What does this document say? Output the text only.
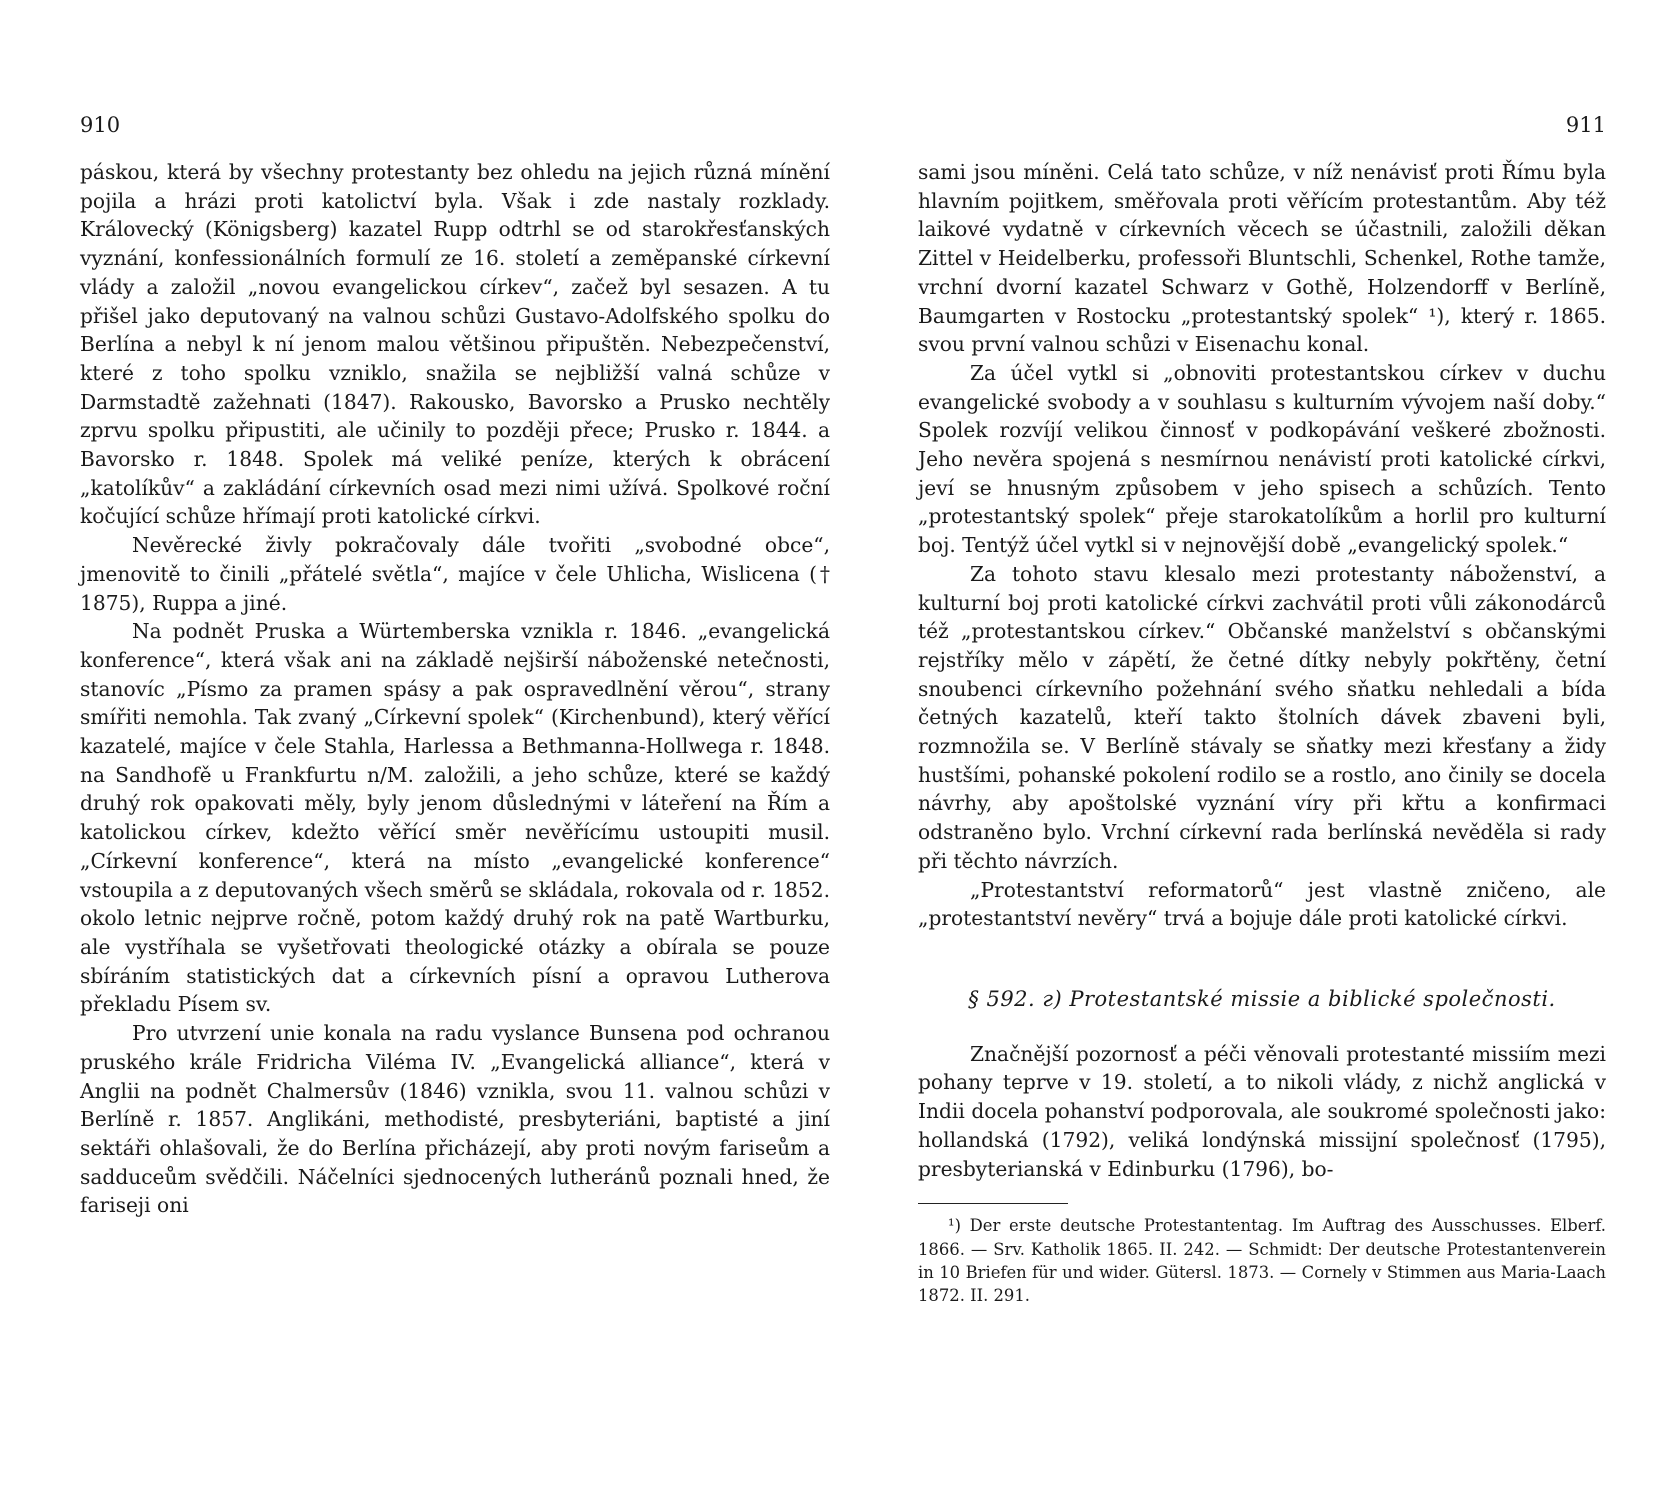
910

páskou, která by všechny protestanty bez ohledu na jejich různá mínění pojila a hrázi proti katolictví byla. Však i zde nastaly rozklady. Královecký (Königsberg) kazatel Rupp odtrhl se od starokřesťanských vyznání, konfessionálních formulí ze 16. století a zeměpanské církevní vlády a založil „novou evangelickou církev“, začež byl sesazen. A tu přišel jako deputovaný na valnou schůzi Gustavo-Adolfského spolku do Berlína a nebyl k ní jenom malou většinou připuštěn. Nebezpečenství, které z toho spolku vzniklo, snažila se nejbližší valná schůze v Darmstadtě zažehnati (1847). Rakousko, Bavorsko a Prusko nechtěly zprvu spolku připustiti, ale učinily to později přece; Prusko r. 1844. a Bavorsko r. 1848. Spolek má veliké peníze, kterých k obrácení „katolíkův“ a zakládání církevních osad mezi nimi užívá. Spolkové roční kočující schůze hřímají proti katolické církvi.

Nevěrecké živly pokračovaly dále tvořiti „svobodné obce“, jmenovitě to činili „přátelé světla“, majíce v čele Uhlicha, Wislicena († 1875), Ruppa a jiné.

Na podnět Pruska a Würtemberska vznikla r. 1846. „evangelická konference“, která však ani na základě nejširší náboženské netečnosti, stanovíc „Písmo za pramen spásy a pak ospravedlnění věrou“, strany smířiti nemohla. Tak zvaný „Církevní spolek“ (Kirchenbund), který věřící kazatelé, majíce v čele Stahla, Harlessa a Bethmanna-Hollwega r. 1848. na Sandhofě u Frankfurtu n/M. založili, a jeho schůze, které se každý druhý rok opakovati měly, byly jenom důslednými v láteření na Řím a katolickou církev, kdežto věřící směr nevěřícímu ustoupiti musil. „Církevní konference“, která na místo „evangelické konference“ vstoupila a z deputovaných všech směrů se skládala, rokovala od r. 1852. okolo letnic nejprve ročně, potom každý druhý rok na patě Wartburku, ale vystříhala se vyšetřovati theologické otázky a obírala se pouze sbíráním statistických dat a církevních písní a opravou Lutherova překladu Písem sv.

Pro utvrzení unie konala na radu vyslance Bunsena pod ochranou pruského krále Fridricha Viléma IV. „Evangelická alliance“, která v Anglii na podnět Chalmersův (1846) vznikla, svou 11. valnou schůzi v Berlíně r. 1857. Anglikáni, methodisté, presbyteriáni, baptisté a jiní sektáři ohlašovali, že do Berlína přicházejí, aby proti novým fariseům a sadduceům svědčili. Náčelníci sjednocených lutheránů poznali hned, že fariseji oni

911

sami jsou míněni. Celá tato schůze, v níž nenávisť proti Římu byla hlavním pojitkem, směřovala proti věřícím protestantům. Aby též laikové vydatně v církevních věcech se účastnili, založili děkan Zittel v Heidelberku, professoři Bluntschli, Schenkel, Rothe tamže, vrchní dvorní kazatel Schwarz v Gothě, Holzendorff v Berlíně, Baumgarten v Rostocku „protestantský spolek“ ¹), který r. 1865. svou první valnou schůzi v Eisenachu konal.

Za účel vytkl si „obnoviti protestantskou církev v duchu evangelické svobody a v souhlasu s kulturním vývojem naší doby.“ Spolek rozvíjí velikou činnosť v podkopávání veškeré zbožnosti. Jeho nevěra spojená s nesmírnou nenávistí proti katolické církvi, jeví se hnusným způsobem v jeho spisech a schůzích. Tento „protestantský spolek“ přeje starokatolíkům a horlil pro kulturní boj. Tentýž účel vytkl si v nejnovější době „evangelický spolek.“

Za tohoto stavu klesalo mezi protestanty náboženství, a kulturní boj proti katolické církvi zachvátil proti vůli zákonodárců též „protestantskou církev.“ Občanské manželství s občanskými rejstříky mělo v zápětí, že četné dítky nebyly pokřtěny, četní snoubenci církevního požehnání svého sňatku nehledali a bída četných kazatelů, kteří takto štolních dávek zbaveni byli, rozmnožila se. V Berlíně stávaly se sňatky mezi křesťany a židy hustšími, pohanské pokolení rodilo se a rostlo, ano činily se docela návrhy, aby apoštolské vyznání víry při křtu a konfirmaci odstraněno bylo. Vrchní církevní rada berlínská nevěděla si rady při těchto návrzích.

„Protestantství reformatorů“ jest vlastně zničeno, ale „protestantství nevěry“ trvá a bojuje dále proti katolické církvi.

§ 592. г) Protestantské missie a biblické společnosti.

Značnější pozornosť a péči věnovali protestanté missiím mezi pohany teprve v 19. století, a to nikoli vlády, z nichž anglická v Indii docela pohanství podporovala, ale soukromé společnosti jako: hollandská (1792), veliká londýnská missijní společnosť (1795), presbyterianská v Edinburku (1796), bo-

¹) Der erste deutsche Protestantentag. Im Auftrag des Ausschusses. Elberf. 1866. — Srv. Katholik 1865. II. 242. — Schmidt: Der deutsche Protestantenverein in 10 Briefen für und wider. Gütersl. 1873. — Cornely v Stimmen aus Maria-Laach 1872. II. 291.
